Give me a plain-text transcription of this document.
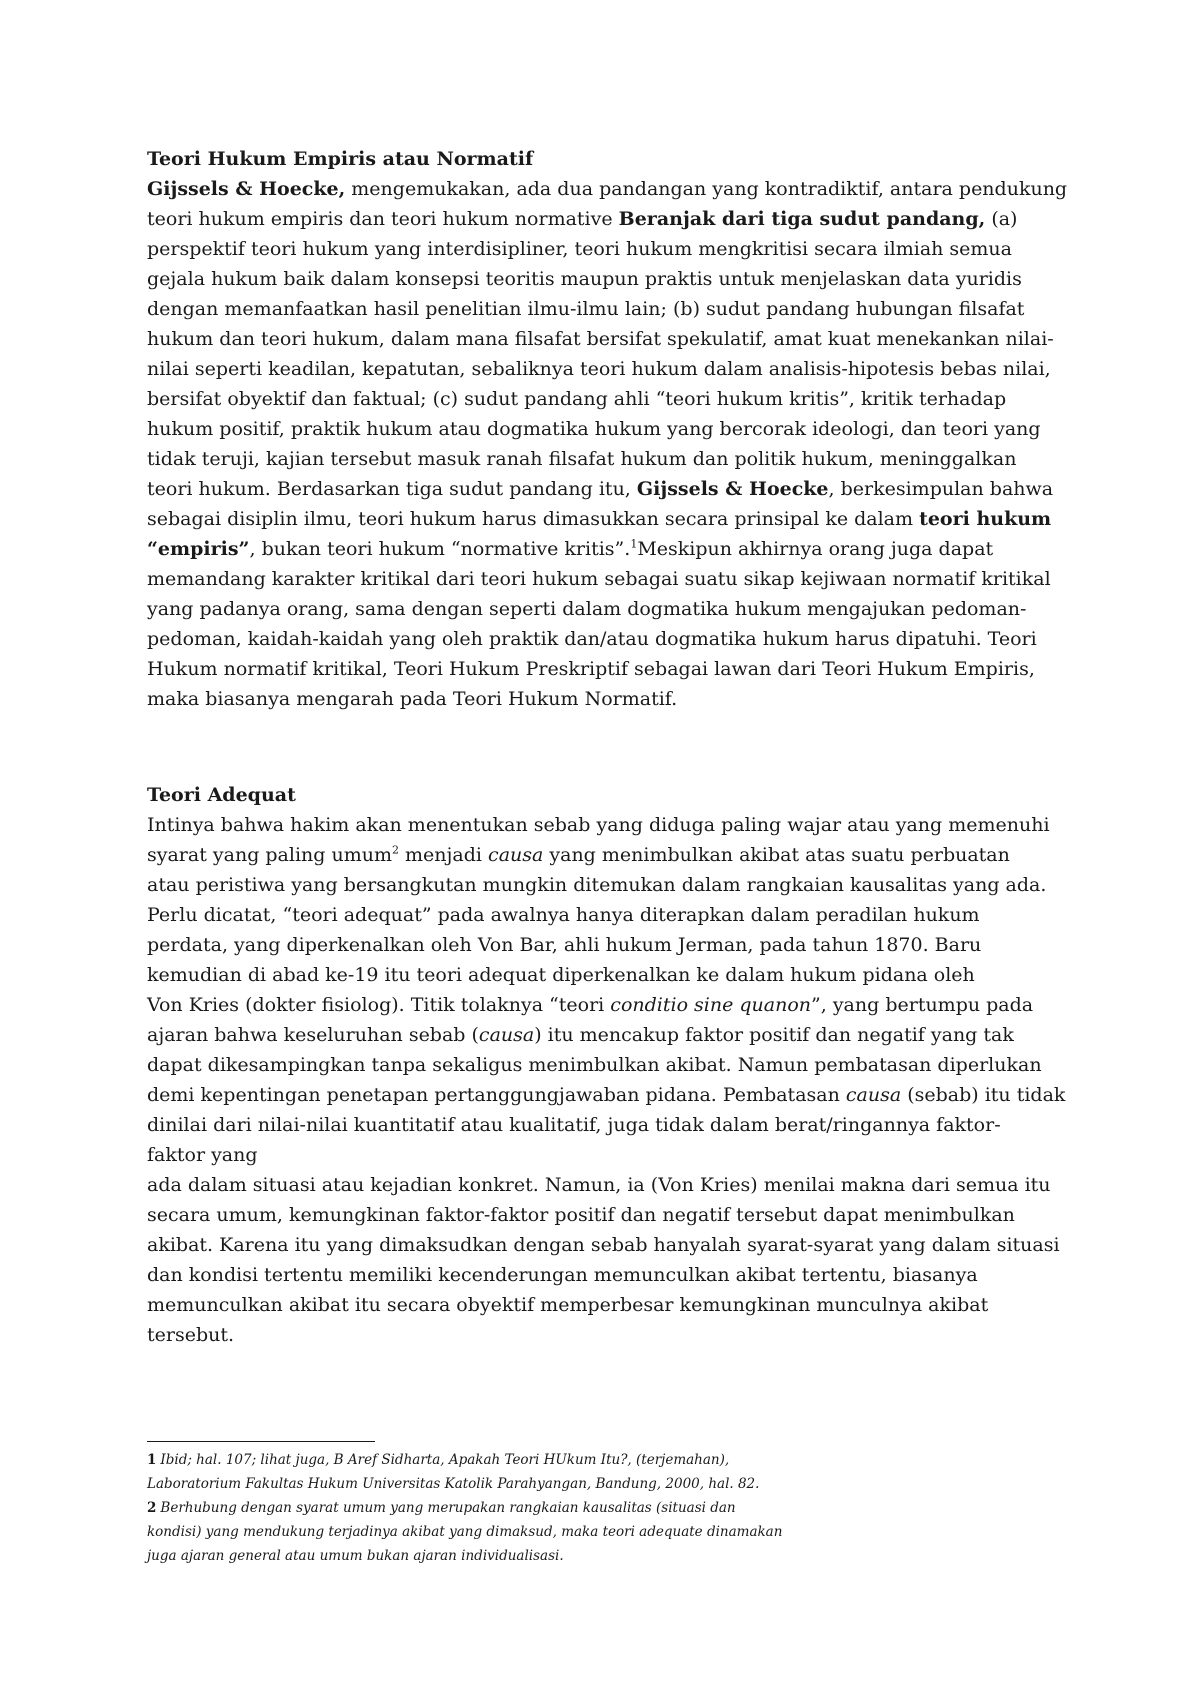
Teori Hukum Empiris atau Normatif
Gijssels & Hoecke, mengemukakan, ada dua pandangan yang kontradiktif, antara pendukung
teori hukum empiris dan teori hukum normative Beranjak dari tiga sudut pandang, (a)
perspektif teori hukum yang interdisipliner, teori hukum mengkritisi secara ilmiah semua
gejala hukum baik dalam konsepsi teoritis maupun praktis untuk menjelaskan data yuridis
dengan memanfaatkan hasil penelitian ilmu-ilmu lain; (b) sudut pandang hubungan filsafat
hukum dan teori hukum, dalam mana filsafat bersifat spekulatif, amat kuat menekankan nilai-
nilai seperti keadilan, kepatutan, sebaliknya teori hukum dalam analisis-hipotesis bebas nilai,
bersifat obyektif dan faktual; (c) sudut pandang ahli “teori hukum kritis”, kritik terhadap
hukum positif, praktik hukum atau dogmatika hukum yang bercorak ideologi, dan teori yang
tidak teruji, kajian tersebut masuk ranah filsafat hukum dan politik hukum, meninggalkan
teori hukum. Berdasarkan tiga sudut pandang itu, Gijssels & Hoecke, berkesimpulan bahwa
sebagai disiplin ilmu, teori hukum harus dimasukkan secara prinsipal ke dalam teori hukum
“empiris”, bukan teori hukum “normative kritis”.$^1$Meskipun akhirnya orang juga dapat
memandang karakter kritikal dari teori hukum sebagai suatu sikap kejiwaan normatif kritikal
yang padanya orang, sama dengan seperti dalam dogmatika hukum mengajukan pedoman-
pedoman, kaidah-kaidah yang oleh praktik dan/atau dogmatika hukum harus dipatuhi. Teori
Hukum normatif kritikal, Teori Hukum Preskriptif sebagai lawan dari Teori Hukum Empiris,
maka biasanya mengarah pada Teori Hukum Normatif.
Teori Adequat
Intinya bahwa hakim akan menentukan sebab yang diduga paling wajar atau yang memenuhi
syarat yang paling umum$^2$ menjadi causa yang menimbulkan akibat atas suatu perbuatan
atau peristiwa yang bersangkutan mungkin ditemukan dalam rangkaian kausalitas yang ada.
Perlu dicatat, “teori adequat” pada awalnya hanya diterapkan dalam peradilan hukum
perdata, yang diperkenalkan oleh Von Bar, ahli hukum Jerman, pada tahun 1870. Baru
kemudian di abad ke-19 itu teori adequat diperkenalkan ke dalam hukum pidana oleh
Von Kries (dokter fisiolog). Titik tolaknya “teori conditio sine quanon”, yang bertumpu pada
ajaran bahwa keseluruhan sebab (causa) itu mencakup faktor positif dan negatif yang tak
dapat dikesampingkan tanpa sekaligus menimbulkan akibat. Namun pembatasan diperlukan
demi kepentingan penetapan pertanggungjawaban pidana. Pembatasan causa (sebab) itu tidak
dinilai dari nilai-nilai kuantitatif atau kualitatif, juga tidak dalam berat/ringannya faktor-
faktor yang
ada dalam situasi atau kejadian konkret. Namun, ia (Von Kries) menilai makna dari semua itu
secara umum, kemungkinan faktor-faktor positif dan negatif tersebut dapat menimbulkan
akibat. Karena itu yang dimaksudkan dengan sebab hanyalah syarat-syarat yang dalam situasi
dan kondisi tertentu memiliki kecenderungan memunculkan akibat tertentu, biasanya
memunculkan akibat itu secara obyektif memperbesar kemungkinan munculnya akibat
tersebut.
1 Ibid; hal. 107; lihat juga, B Aref Sidharta, Apakah Teori HUkum Itu?, (terjemahan),
Laboratorium Fakultas Hukum Universitas Katolik Parahyangan, Bandung, 2000, hal. 82.
2 Berhubung dengan syarat umum yang merupakan rangkaian kausalitas (situasi dan
kondisi) yang mendukung terjadinya akibat yang dimaksud, maka teori adequate dinamakan
juga ajaran general atau umum bukan ajaran individualisasi.
